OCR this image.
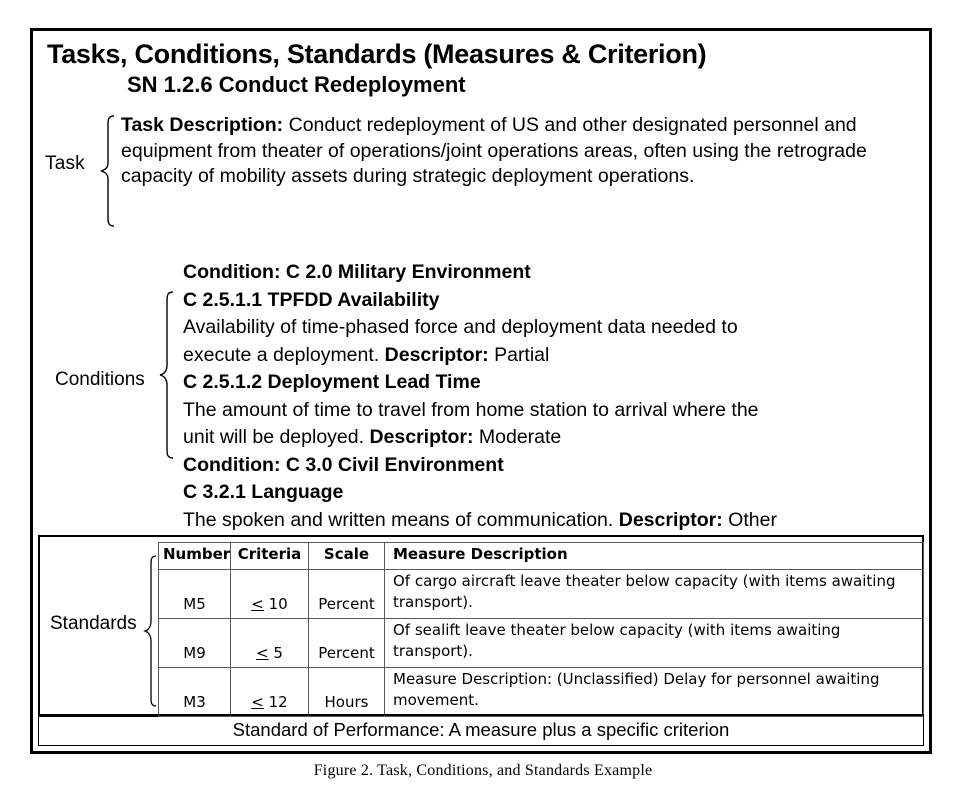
Tasks, Conditions, Standards (Measures & Criterion)
SN 1.2.6 Conduct Redeployment
Task
Task Description: Conduct redeployment of US and other designated personnel and equipment from theater of operations/joint operations areas, often using the retrograde capacity of mobility assets during strategic deployment operations.
Conditions
Condition: C 2.0 Military Environment
C 2.5.1.1 TPFDD Availability
Availability of time-phased force and deployment data needed to
execute a deployment. Descriptor: Partial
C 2.5.1.2 Deployment Lead Time
The amount of time to travel from home station to arrival where the
unit will be deployed. Descriptor: Moderate
Condition: C 3.0 Civil Environment
C 3.2.1 Language
The spoken and written means of communication. Descriptor: Other
Standards
Number	Criteria	Scale	Measure Description
M5	≤ 10	Percent	Of cargo aircraft leave theater below capacity (with items awaiting transport).
M9	≤ 5	Percent	Of sealift leave theater below capacity (with items awaiting transport).
M3	≤ 12	Hours	Measure Description: (Unclassified) Delay for personnel awaiting movement.
Standard of Performance: A measure plus a specific criterion
Figure 2. Task, Conditions, and Standards Example
